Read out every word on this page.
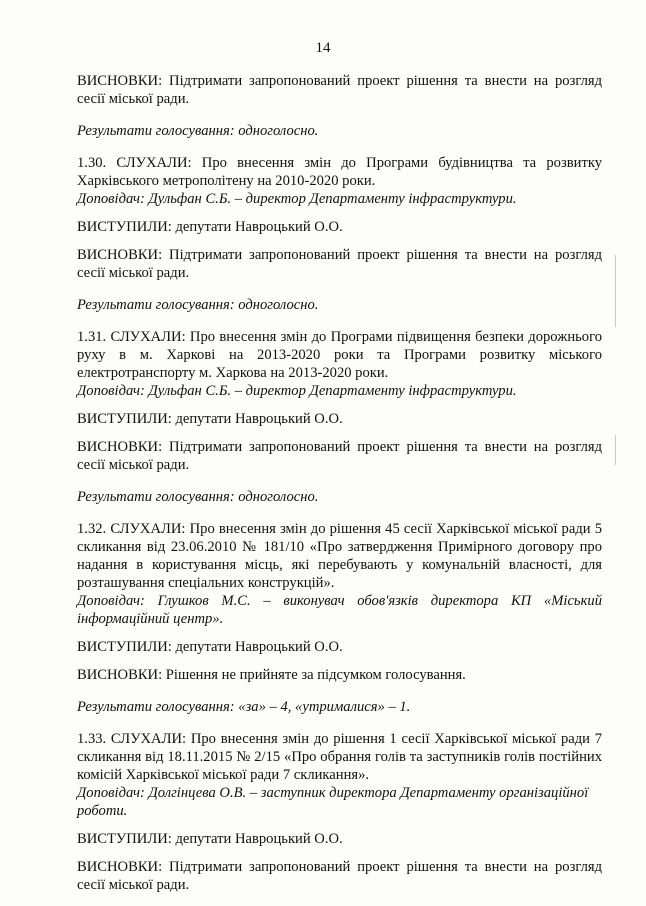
14

ВИСНОВКИ: Підтримати запропонований проект рішення та внести на розгляд сесії міської ради.

Результати голосування: одноголосно.

1.30. СЛУХАЛИ: Про внесення змін до Програми будівництва та розвитку Харківського метрополітену на 2010-2020 роки.

Доповідач: Дульфан С.Б. – директор Департаменту інфраструктури.

ВИСТУПИЛИ: депутати Навроцький О.О.

ВИСНОВКИ: Підтримати запропонований проект рішення та внести на розгляд сесії міської ради.

Результати голосування: одноголосно.

1.31. СЛУХАЛИ: Про внесення змін до Програми підвищення безпеки дорожнього руху в м. Харкові на 2013-2020 роки та Програми розвитку міського електротранспорту м. Харкова на 2013-2020 роки.

Доповідач: Дульфан С.Б. – директор Департаменту інфраструктури.

ВИСТУПИЛИ: депутати Навроцький О.О.

ВИСНОВКИ: Підтримати запропонований проект рішення та внести на розгляд сесії міської ради.

Результати голосування: одноголосно.

1.32. СЛУХАЛИ: Про внесення змін до рішення 45 сесії Харківської міської ради 5 скликання від 23.06.2010 № 181/10 «Про затвердження Примірного договору про надання в користування місць, які перебувають у комунальній власності, для розташування спеціальних конструкцій».

Доповідач: Глушков М.С. – виконувач обов'язків директора КП «Міський інформаційний центр».

ВИСТУПИЛИ: депутати Навроцький О.О.

ВИСНОВКИ: Рішення не прийняте за підсумком голосування.

Результати голосування: «за» – 4, «утрималися» – 1.

1.33. СЛУХАЛИ: Про внесення змін до рішення 1 сесії Харківської міської ради 7 скликання від 18.11.2015 № 2/15 «Про обрання голів та заступників голів постійних комісій Харківської міської ради 7 скликання».

Доповідач: Долгінцева О.В. – заступник директора Департаменту організаційної роботи.

ВИСТУПИЛИ: депутати Навроцький О.О.

ВИСНОВКИ: Підтримати запропонований проект рішення та внести на розгляд сесії міської ради.
